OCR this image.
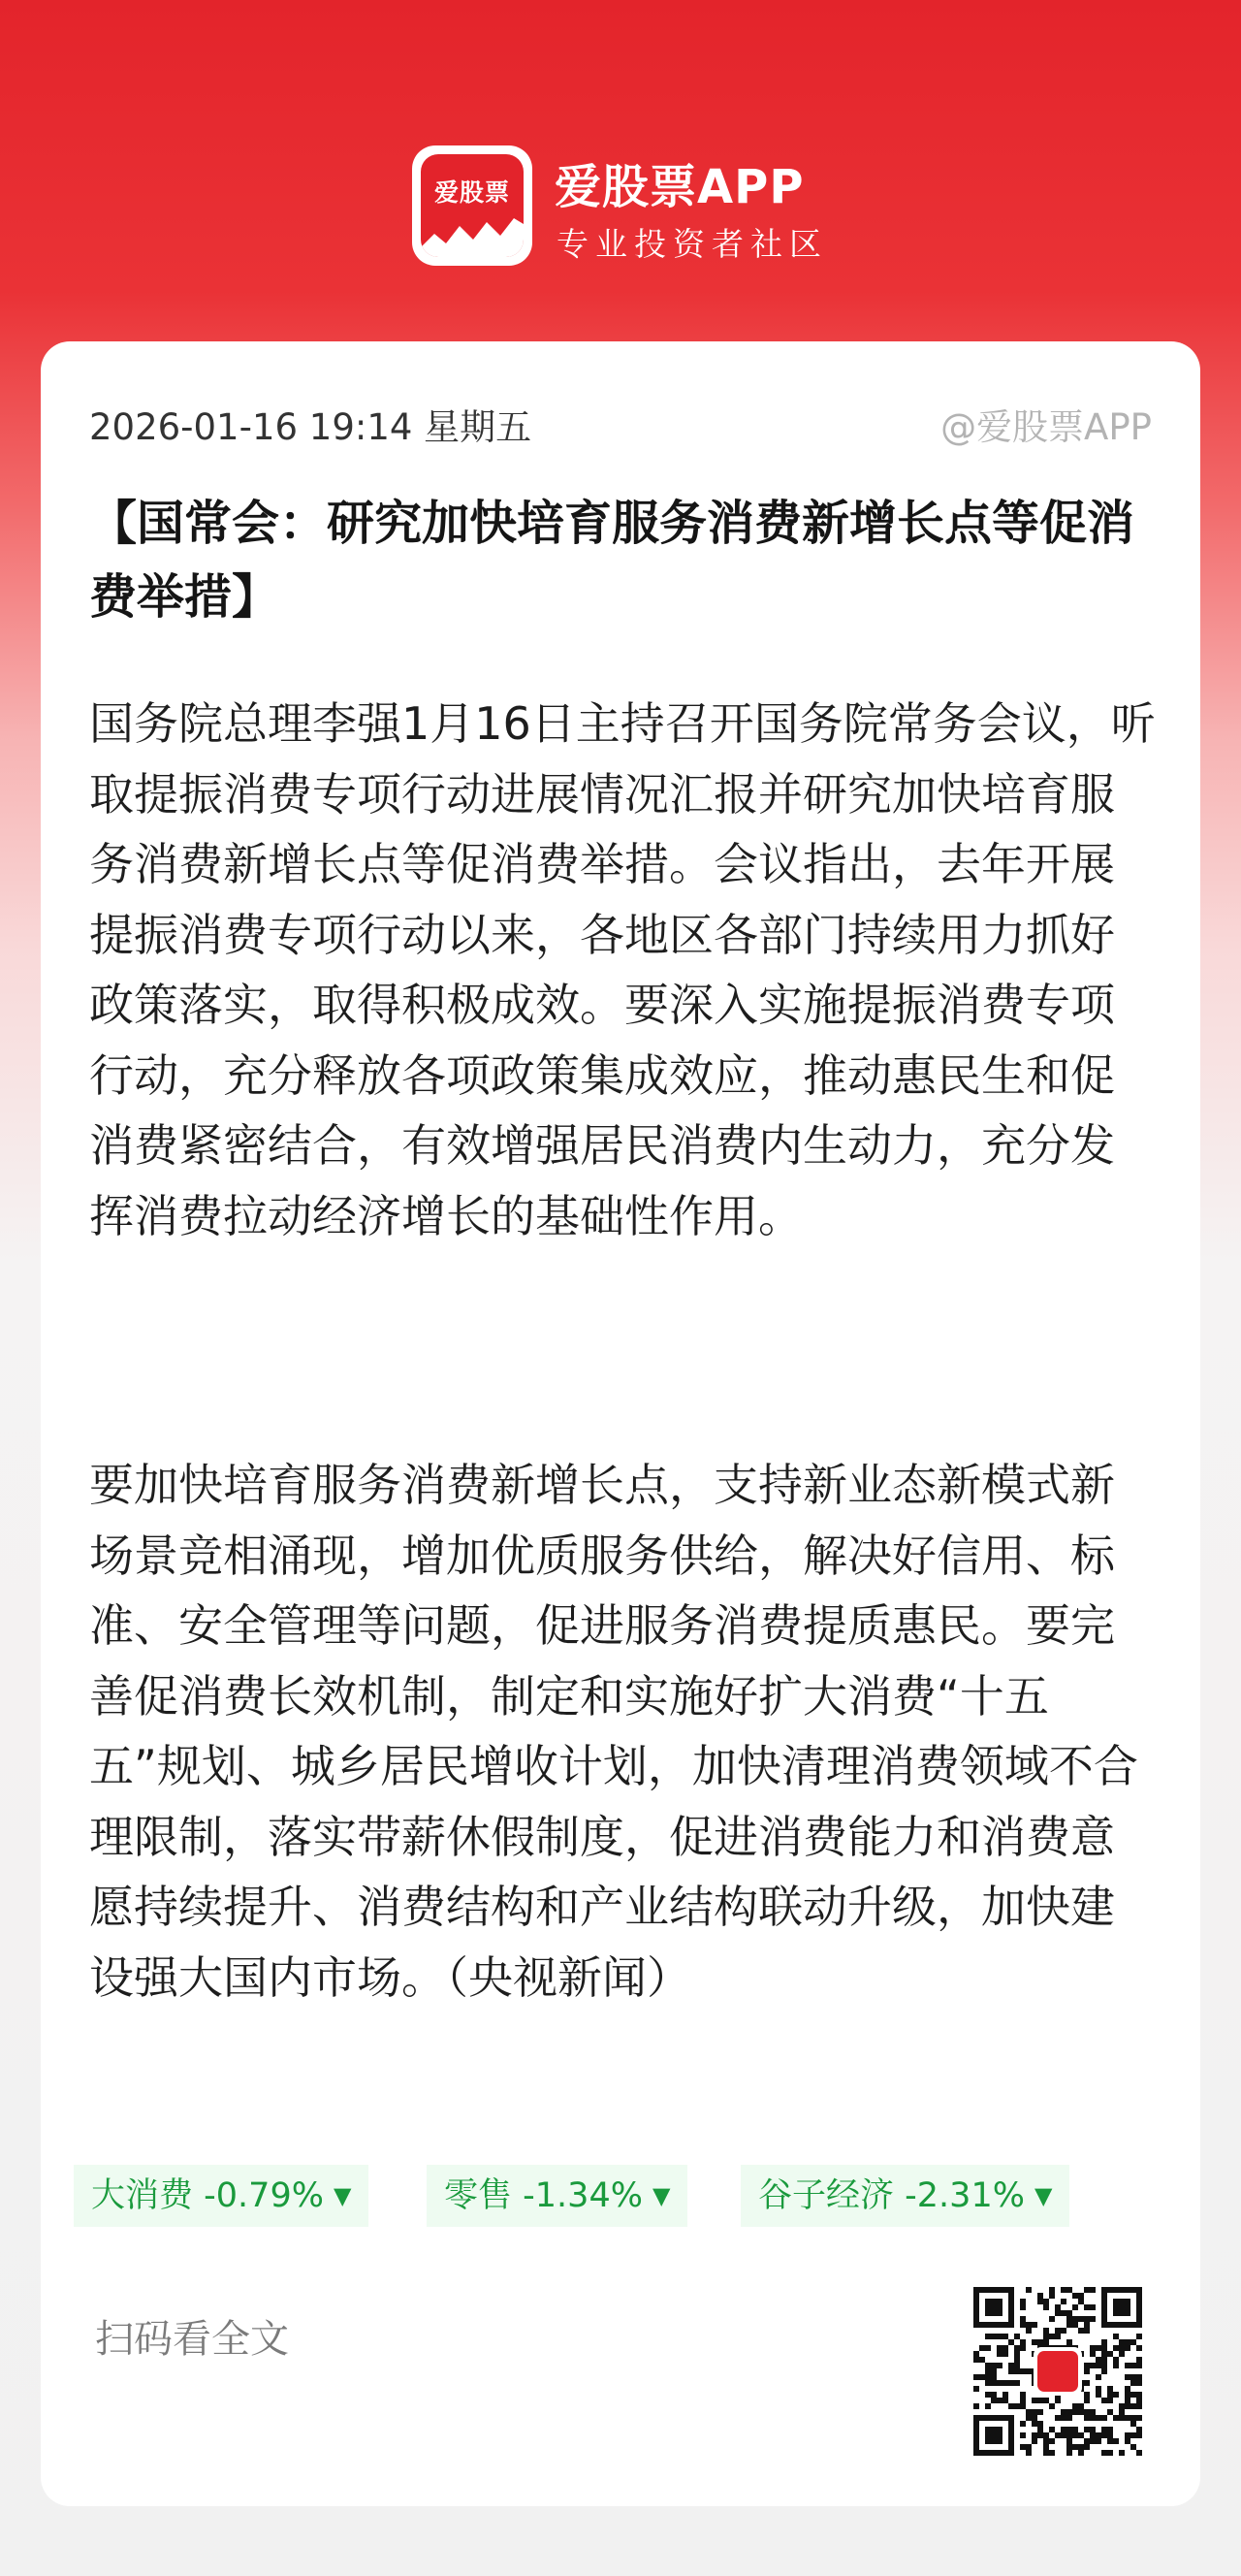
爱股票 爱股票APP
专业投资者社区
2026-01-16 19:14 星期五	@爱股票APP
【国常会：研究加快培育服务消费新增长点等促消费举措】

国务院总理李强1月16日主持召开国务院常务会议，听取提振消费专项行动进展情况汇报并研究加快培育服务消费新增长点等促消费举措。会议指出，去年开展提振消费专项行动以来，各地区各部门持续用力抓好政策落实，取得积极成效。要深入实施提振消费专项行动，充分释放各项政策集成效应，推动惠民生和促消费紧密结合，有效增强居民消费内生动力，充分发挥消费拉动经济增长的基础性作用。

要加快培育服务消费新增长点，支持新业态新模式新场景竞相涌现，增加优质服务供给，解决好信用、标准、安全管理等问题，促进服务消费提质惠民。要完善促消费长效机制，制定和实施好扩大消费“十五五”规划、城乡居民增收计划，加快清理消费领域不合理限制，落实带薪休假制度，促进消费能力和消费意愿持续提升、消费结构和产业结构联动升级，加快建设强大国内市场。（央视新闻）

大消费 -0.79% ▼	零售 -1.34% ▼	谷子经济 -2.31% ▼
扫码看全文
